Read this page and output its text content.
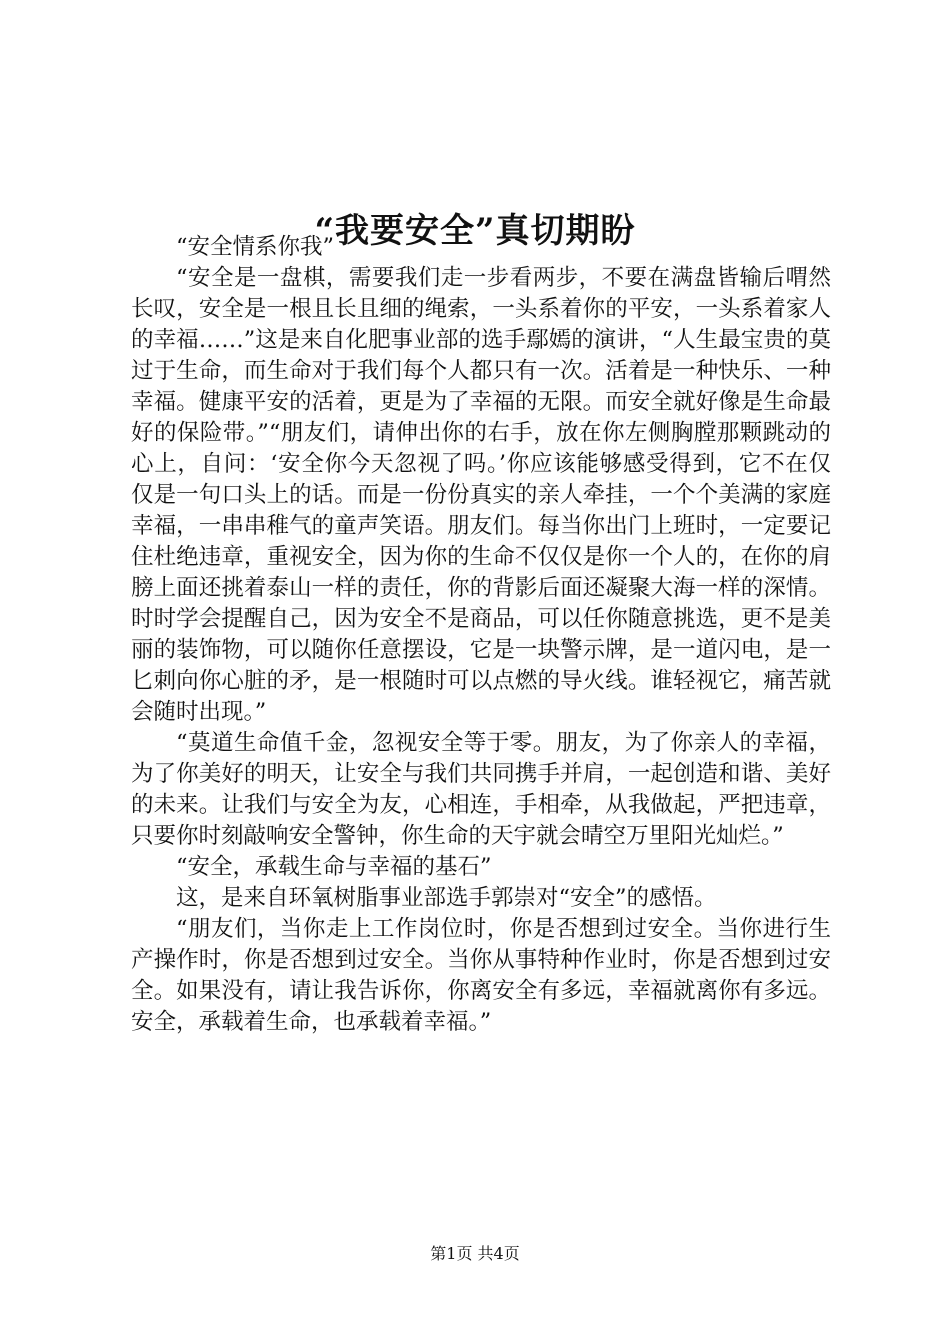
“我要安全”真切期盼

“安全情系你我”

“安全是一盘棋，需要我们走一步看两步，不要在满盘皆输后喟然长叹，安全是一根且长且细的绳索，一头系着你的平安，一头系着家人的幸福……”这是来自化肥事业部的选手鄢嫣的演讲，“人生最宝贵的莫过于生命，而生命对于我们每个人都只有一次。活着是一种快乐、一种幸福。健康平安的活着，更是为了幸福的无限。而安全就好像是生命最好的保险带。”“朋友们，请伸出你的右手，放在你左侧胸膛那颗跳动的心上，自问：‘安全你今天忽视了吗。’你应该能够感受得到，它不在仅仅是一句口头上的话。而是一份份真实的亲人牵挂，一个个美满的家庭幸福，一串串稚气的童声笑语。朋友们。每当你出门上班时，一定要记住杜绝违章，重视安全，因为你的生命不仅仅是你一个人的，在你的肩膀上面还挑着泰山一样的责任，你的背影后面还凝聚大海一样的深情。时时学会提醒自己，因为安全不是商品，可以任你随意挑选，更不是美丽的装饰物，可以随你任意摆设，它是一块警示牌，是一道闪电，是一匕刺向你心脏的矛，是一根随时可以点燃的导火线。谁轻视它，痛苦就会随时出现。”

“莫道生命值千金，忽视安全等于零。朋友，为了你亲人的幸福，为了你美好的明天，让安全与我们共同携手并肩，一起创造和谐、美好的未来。让我们与安全为友，心相连，手相牵，从我做起，严把违章，只要你时刻敲响安全警钟，你生命的天宇就会晴空万里阳光灿烂。”

“安全，承载生命与幸福的基石”

这，是来自环氧树脂事业部选手郭崇对“安全”的感悟。

“朋友们，当你走上工作岗位时，你是否想到过安全。当你进行生产操作时，你是否想到过安全。当你从事特种作业时，你是否想到过安全。如果没有，请让我告诉你，你离安全有多远，幸福就离你有多远。安全，承载着生命，也承载着幸福。”

第1页 共4页
